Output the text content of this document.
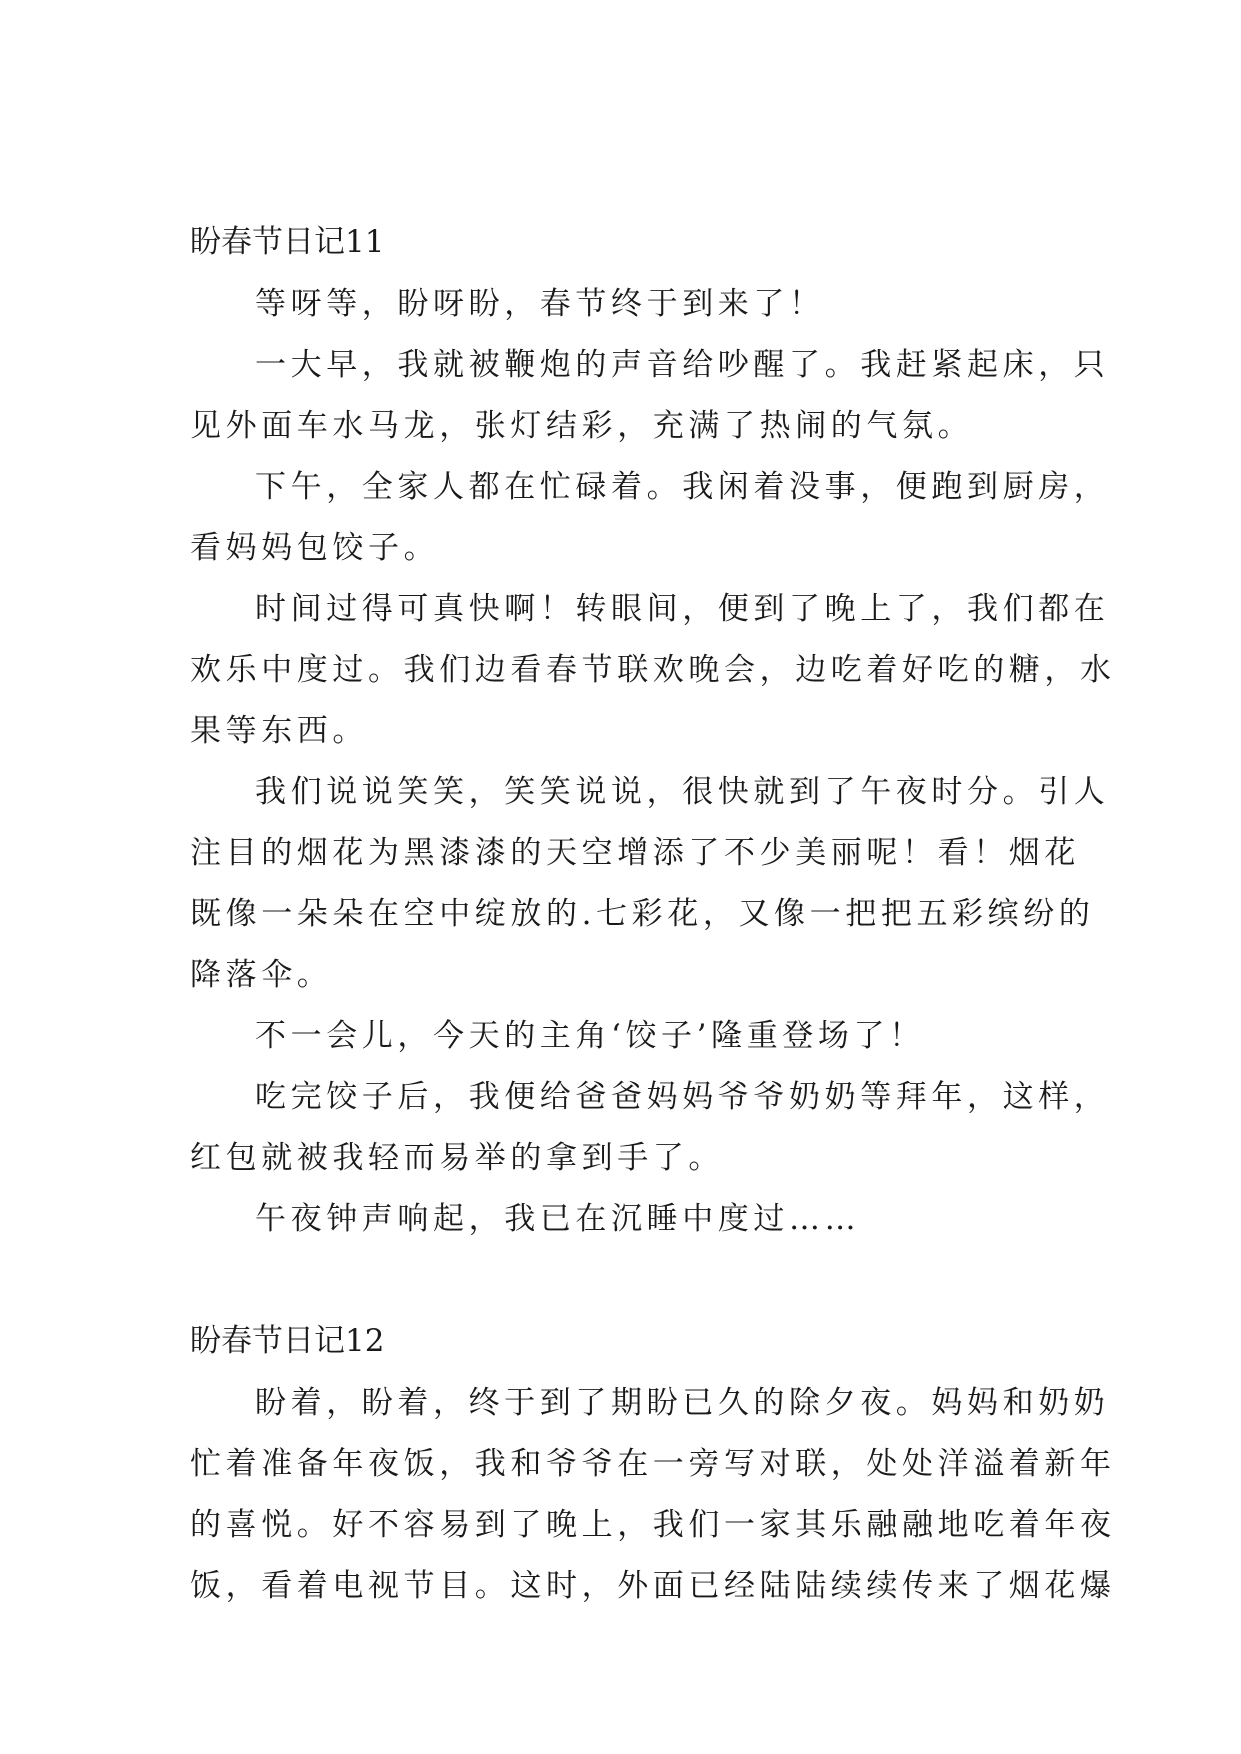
盼春节日记11
等呀等，盼呀盼，春节终于到来了！
一大早，我就被鞭炮的声音给吵醒了。我赶紧起床，只
见外面车水马龙，张灯结彩，充满了热闹的气氛。
下午，全家人都在忙碌着。我闲着没事，便跑到厨房，
看妈妈包饺子。
时间过得可真快啊！转眼间，便到了晚上了，我们都在
欢乐中度过。我们边看春节联欢晚会，边吃着好吃的糖，水
果等东西。
我们说说笑笑，笑笑说说，很快就到了午夜时分。引人
注目的烟花为黑漆漆的天空增添了不少美丽呢！看！烟花
既像一朵朵在空中绽放的.七彩花，又像一把把五彩缤纷的
降落伞。
不一会儿，今天的主角‘饺子’隆重登场了！
吃完饺子后，我便给爸爸妈妈爷爷奶奶等拜年，这样，
红包就被我轻而易举的拿到手了。
午夜钟声响起，我已在沉睡中度过……
盼春节日记12
盼着，盼着，终于到了期盼已久的除夕夜。妈妈和奶奶
忙着准备年夜饭，我和爷爷在一旁写对联，处处洋溢着新年
的喜悦。好不容易到了晚上，我们一家其乐融融地吃着年夜
饭，看着电视节目。这时，外面已经陆陆续续传来了烟花爆
